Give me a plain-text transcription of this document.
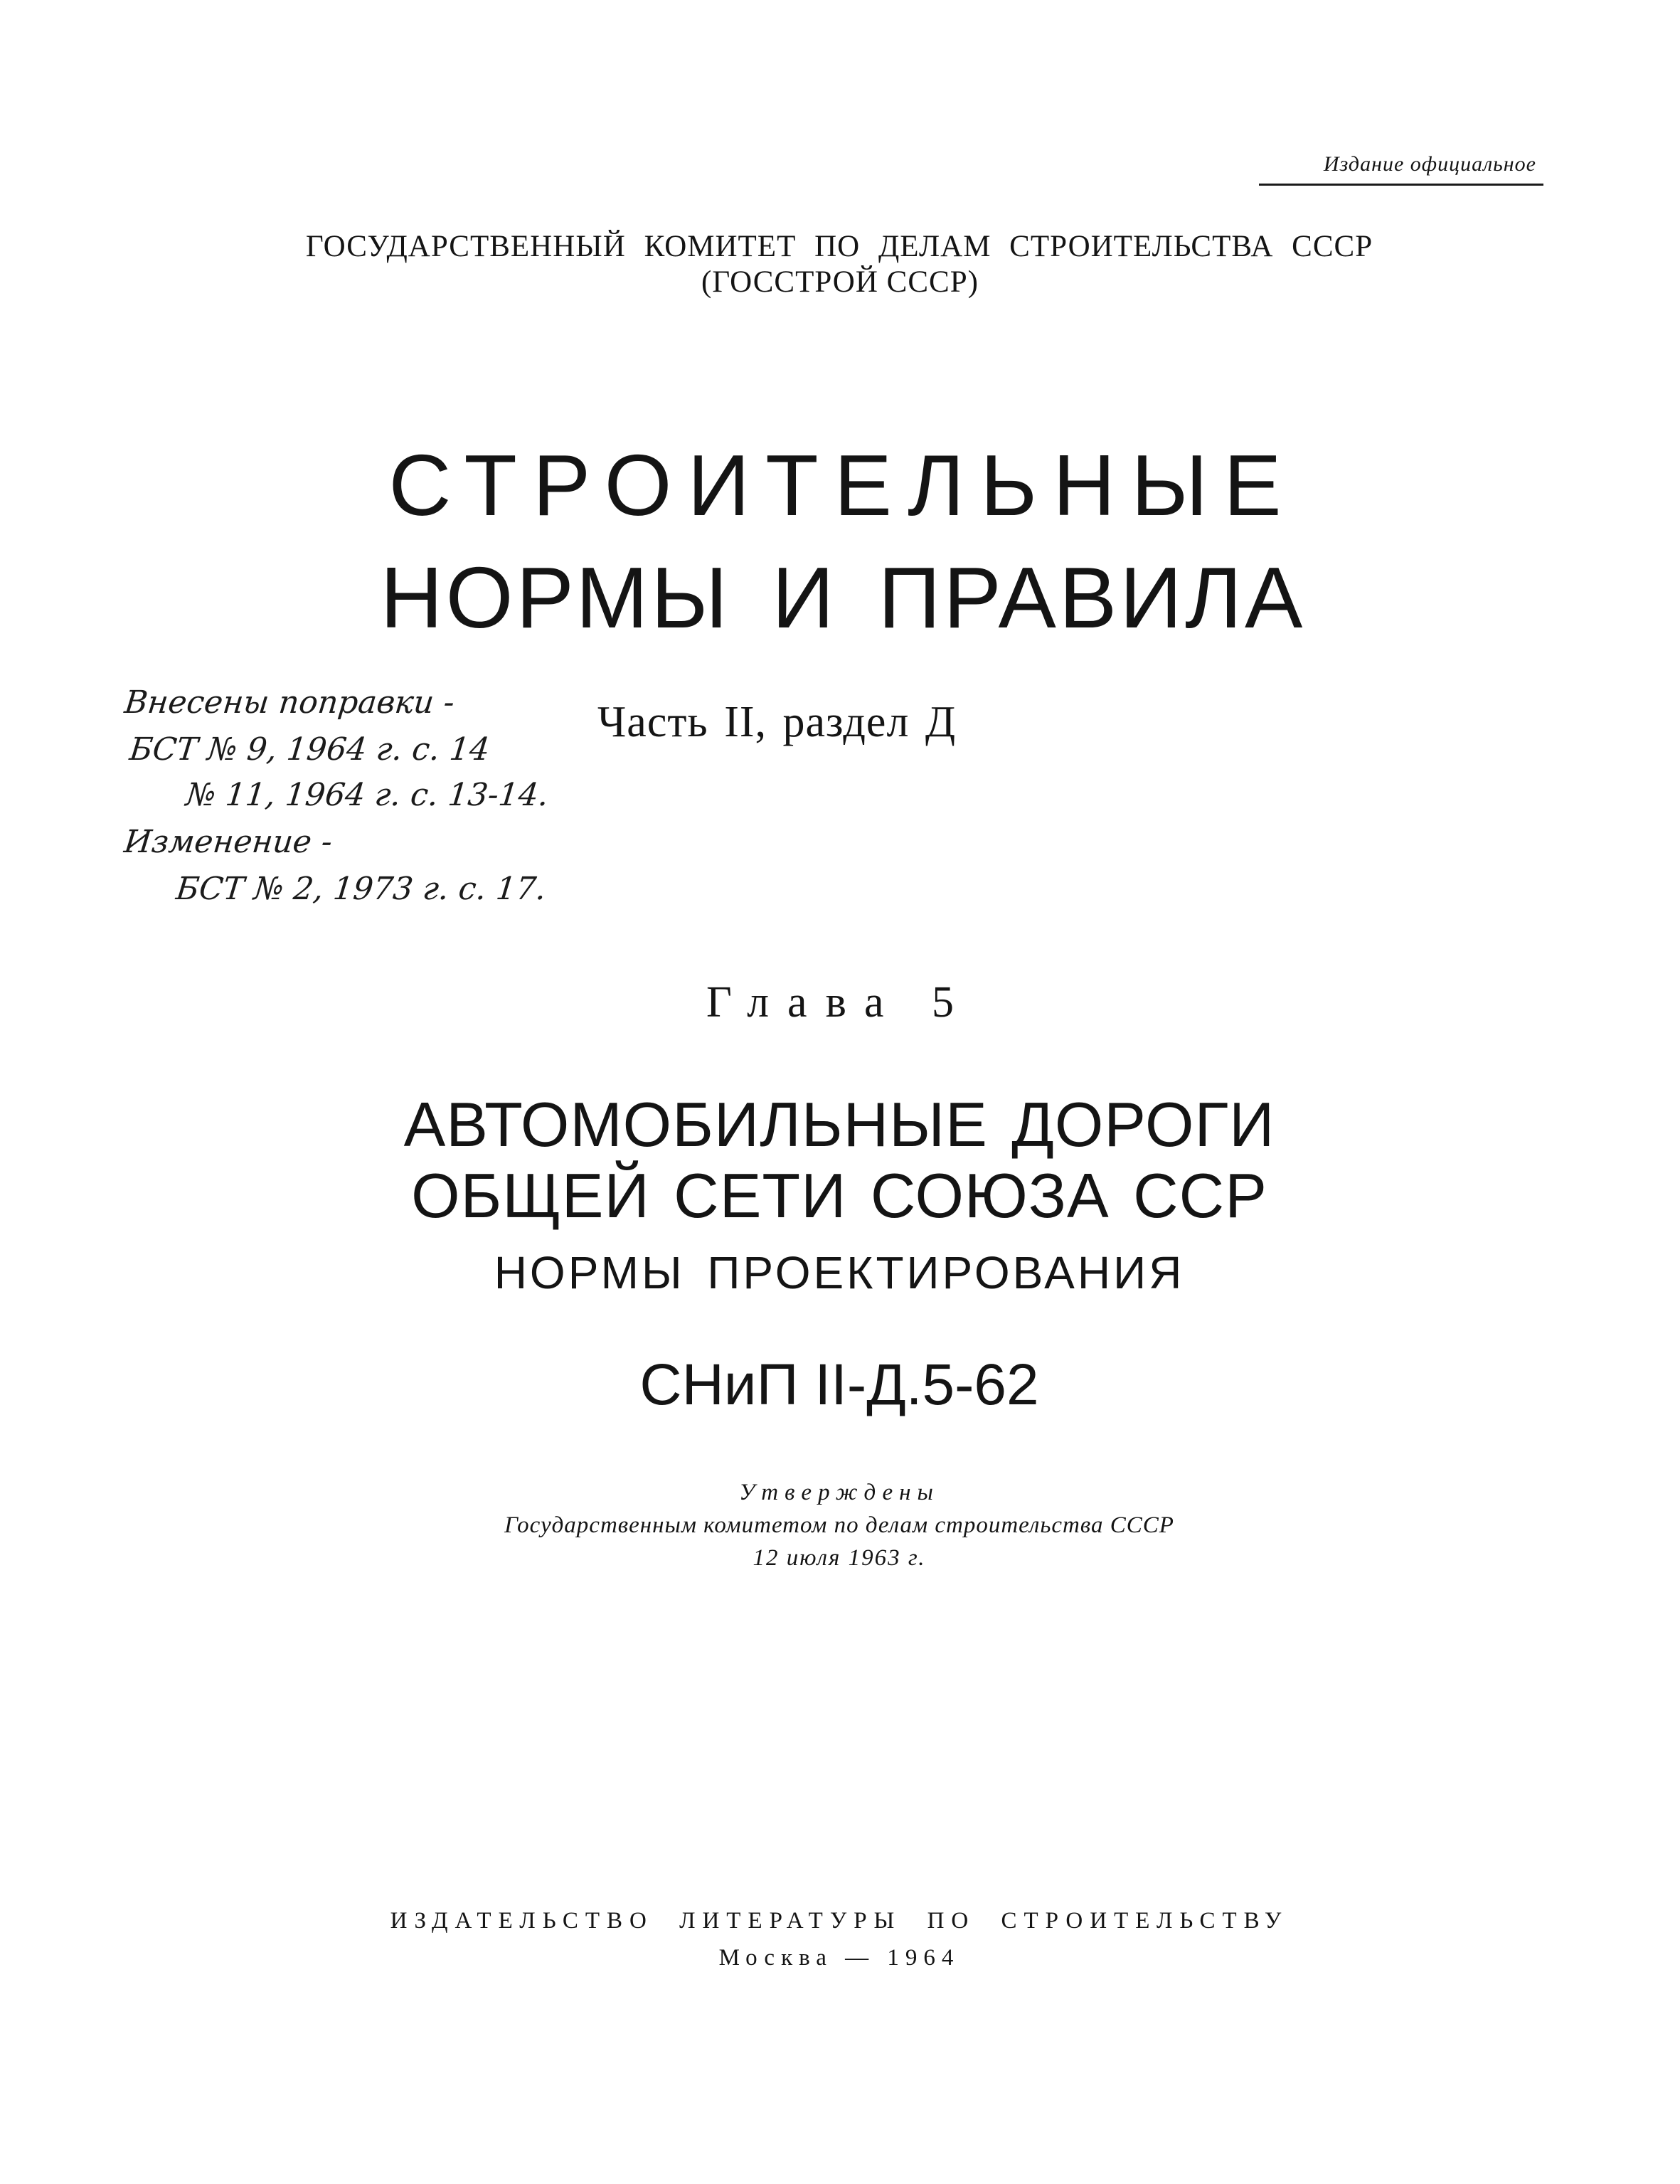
Издание официальное
ГОСУДАРСТВЕННЫЙ КОМИТЕТ ПО ДЕЛАМ СТРОИТЕЛЬСТВА СССР
(ГОССТРОЙ СССР)
СТРОИТЕЛЬНЫЕ
НОРМЫ И ПРАВИЛА
Внесены поправки -
БСТ № 9, 1964 г. с. 14
№ 11, 1964 г. с. 13-14.
Изменение -
БСТ № 2, 1973 г. с. 17.
Часть II, раздел Д
Глава 5
АВТОМОБИЛЬНЫЕ ДОРОГИ
ОБЩЕЙ СЕТИ СОЮЗА ССР
НОРМЫ ПРОЕКТИРОВАНИЯ
СНиП II-Д.5-62
Утверждены
Государственным комитетом по делам строительства СССР
12 июля 1963 г.
ИЗДАТЕЛЬСТВО ЛИТЕРАТУРЫ ПО СТРОИТЕЛЬСТВУ
Москва — 1964
